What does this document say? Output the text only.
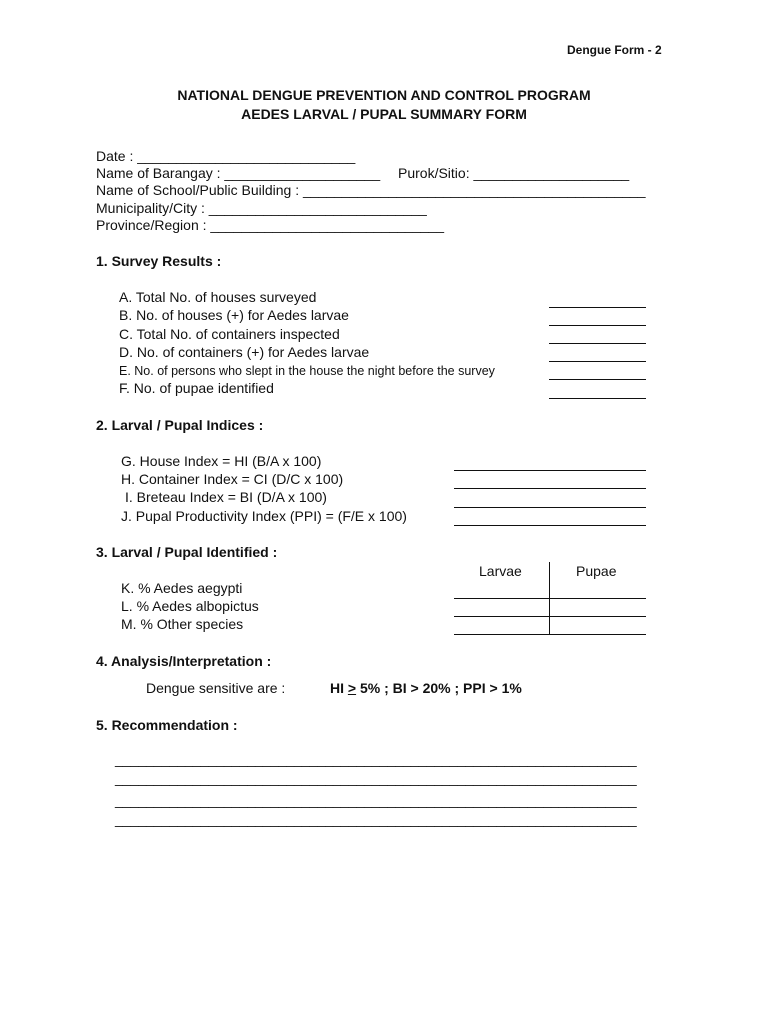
Dengue Form - 2
NATIONAL DENGUE PREVENTION AND CONTROL PROGRAM
AEDES LARVAL / PUPAL SUMMARY FORM
Date : ____________________________
Name of Barangay : ____________________ Purok/Sitio: ____________________
Name of School/Public Building : ____________________________________________
Municipality/City : ____________________________
Province/Region : ______________________________
1. Survey Results :
A. Total No. of houses surveyed
B. No. of houses (+) for Aedes larvae
C. Total No. of containers inspected
D. No. of containers (+) for Aedes larvae
E. No. of persons who slept in the house the night before the survey
F. No. of pupae identified
2. Larval / Pupal Indices :
G. House Index = HI (B/A x 100)
H. Container Index = CI (D/C x 100)
I. Breteau Index = BI (D/A x 100)
J. Pupal Productivity Index (PPI) = (F/E x 100)
3. Larval / Pupal Identified :
Larvae	Pupae
K. % Aedes aegypti
L. % Aedes albopictus
M. % Other species
4. Analysis/Interpretation :
Dengue sensitive are :	HI > 5% ; BI > 20% ; PPI > 1%
5. Recommendation :
___________________________________________________________________
___________________________________________________________________
___________________________________________________________________
___________________________________________________________________
